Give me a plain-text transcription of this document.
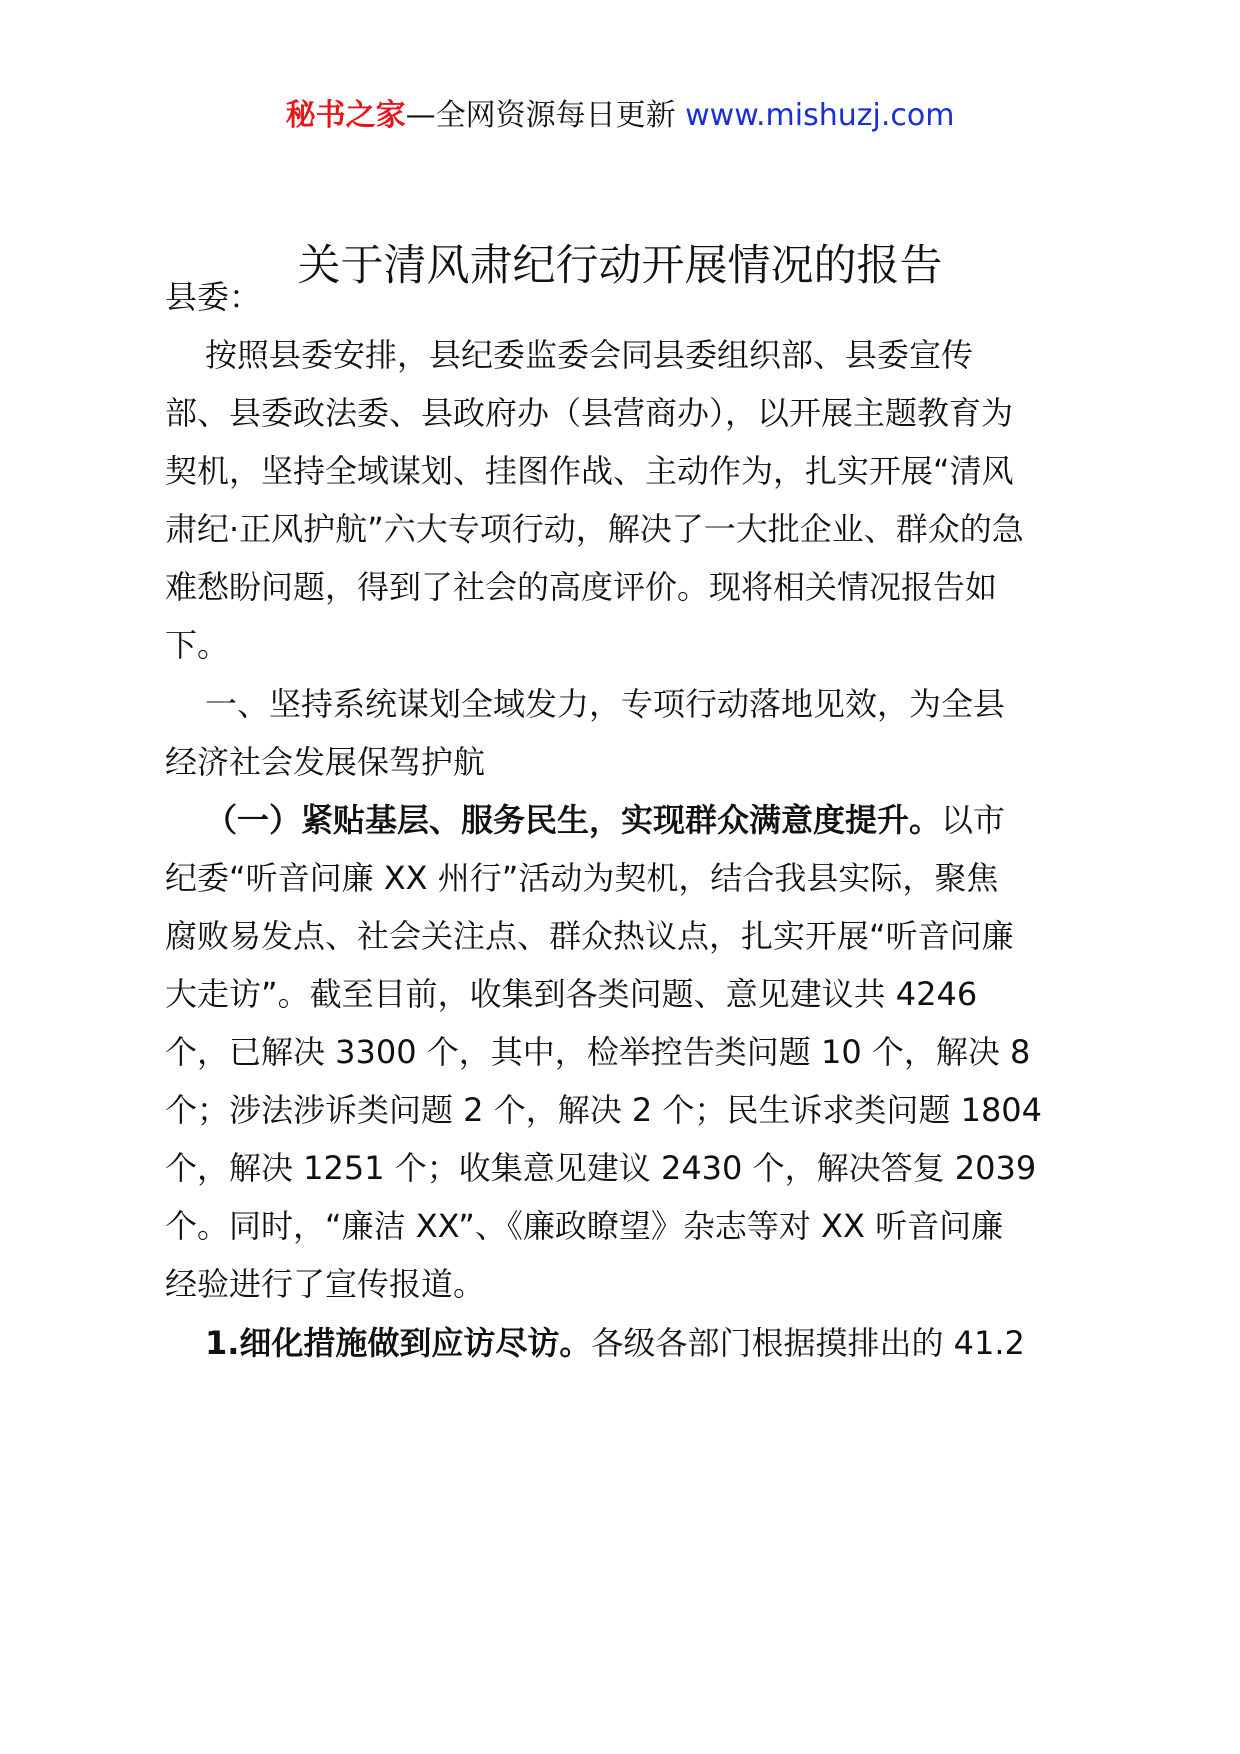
秘书之家—全网资源每日更新 www.mishuzj.com
关于清风肃纪行动开展情况的报告
县委：
按照县委安排，县纪委监委会同县委组织部、县委宣传
部、县委政法委、县政府办（县营商办），以开展主题教育为
契机，坚持全域谋划、挂图作战、主动作为，扎实开展“清风
肃纪·正风护航”六大专项行动，解决了一大批企业、群众的急
难愁盼问题，得到了社会的高度评价。现将相关情况报告如
下。
一、坚持系统谋划全域发力，专项行动落地见效，为全县
经济社会发展保驾护航
（一）紧贴基层、服务民生，实现群众满意度提升。以市
纪委“听音问廉 XX 州行”活动为契机，结合我县实际，聚焦
腐败易发点、社会关注点、群众热议点，扎实开展“听音问廉
大走访”。截至目前，收集到各类问题、意见建议共 4246
个，已解决 3300 个，其中，检举控告类问题 10 个，解决 8
个；涉法涉诉类问题 2 个，解决 2 个；民生诉求类问题 1804
个，解决 1251 个；收集意见建议 2430 个，解决答复 2039
个。同时，“廉洁 XX”、《廉政瞭望》杂志等对 XX 听音问廉
经验进行了宣传报道。
1.细化措施做到应访尽访。各级各部门根据摸排出的 41.2
